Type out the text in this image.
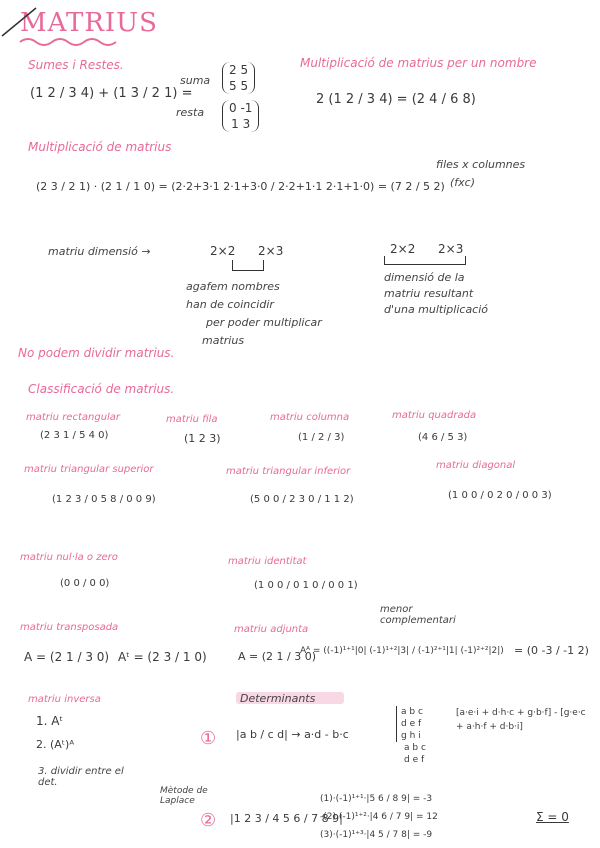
MATRIUS
Sumes i Restes.
(1 2 / 3 4) + (1 3 / 2 1) =
suma
2 5
5 5
resta 0 -1
1 3
Multiplicació de matrius per un nombre
2 (1 2 / 3 4) = (2 4 / 6 8)
Multiplicació de matrius
(2 3 / 2 1) · (2 1 / 1 0) = (2·2+3·1 2·1+3·0 / 2·2+1·1 2·1+1·0) = (7 2 / 5 2)
files x columnes
(fxc)
matriu dimensió →	2×2 2×3
agafem nombres
han de coincidir
per poder multiplicar
matrius
2×2 2×3
dimensió de la
matriu resultant
d'una multiplicació
No podem dividir matrius.
Classificació de matrius.
matriu rectangular
(2 3 1 / 5 4 0)
matriu fila
(1 2 3)
matriu columna
(1 / 2 / 3)
matriu quadrada
(4 6 / 5 3)
matriu triangular superior
(1 2 3 / 0 5 8 / 0 0 9)
matriu triangular inferior
(5 0 0 / 2 3 0 / 1 1 2)
matriu diagonal
(1 0 0 / 0 2 0 / 0 0 3)
matriu nul·la o zero
(0 0 / 0 0)
matriu identitat
(1 0 0 / 0 1 0 / 0 0 1)
matriu transposada
A = (2 1 / 3 0) Aᵗ = (2 3 / 1 0)
menor complementari
matriu adjunta
A = (2 1 / 3 0)
Aᴬ = ((-1)¹⁺¹|0| (-1)¹⁺²|3| / (-1)²⁺¹|1| (-1)²⁺²|2|) = (0 -3 / -1 2)
matriu inversa
1. Aᵗ
2. (Aᵗ)ᴬ
3. dividir entre el det.
Determinants
① |a b / c d| → a·d - b·c
a b c
d e f
g h i
a b c
d e f
[a·e·i + d·h·c + g·b·f] - [g·e·c + a·h·f + d·b·i]
Mètode de Laplace
② |1 2 3 / 4 5 6 / 7 8 9|
(1)·(-1)¹⁺¹·|5 6 / 8 9| = -3
-(2)·(-1)¹⁺²·|4 6 / 7 9| = 12
(3)·(-1)¹⁺³·|4 5 / 7 8| = -9
Σ = 0
